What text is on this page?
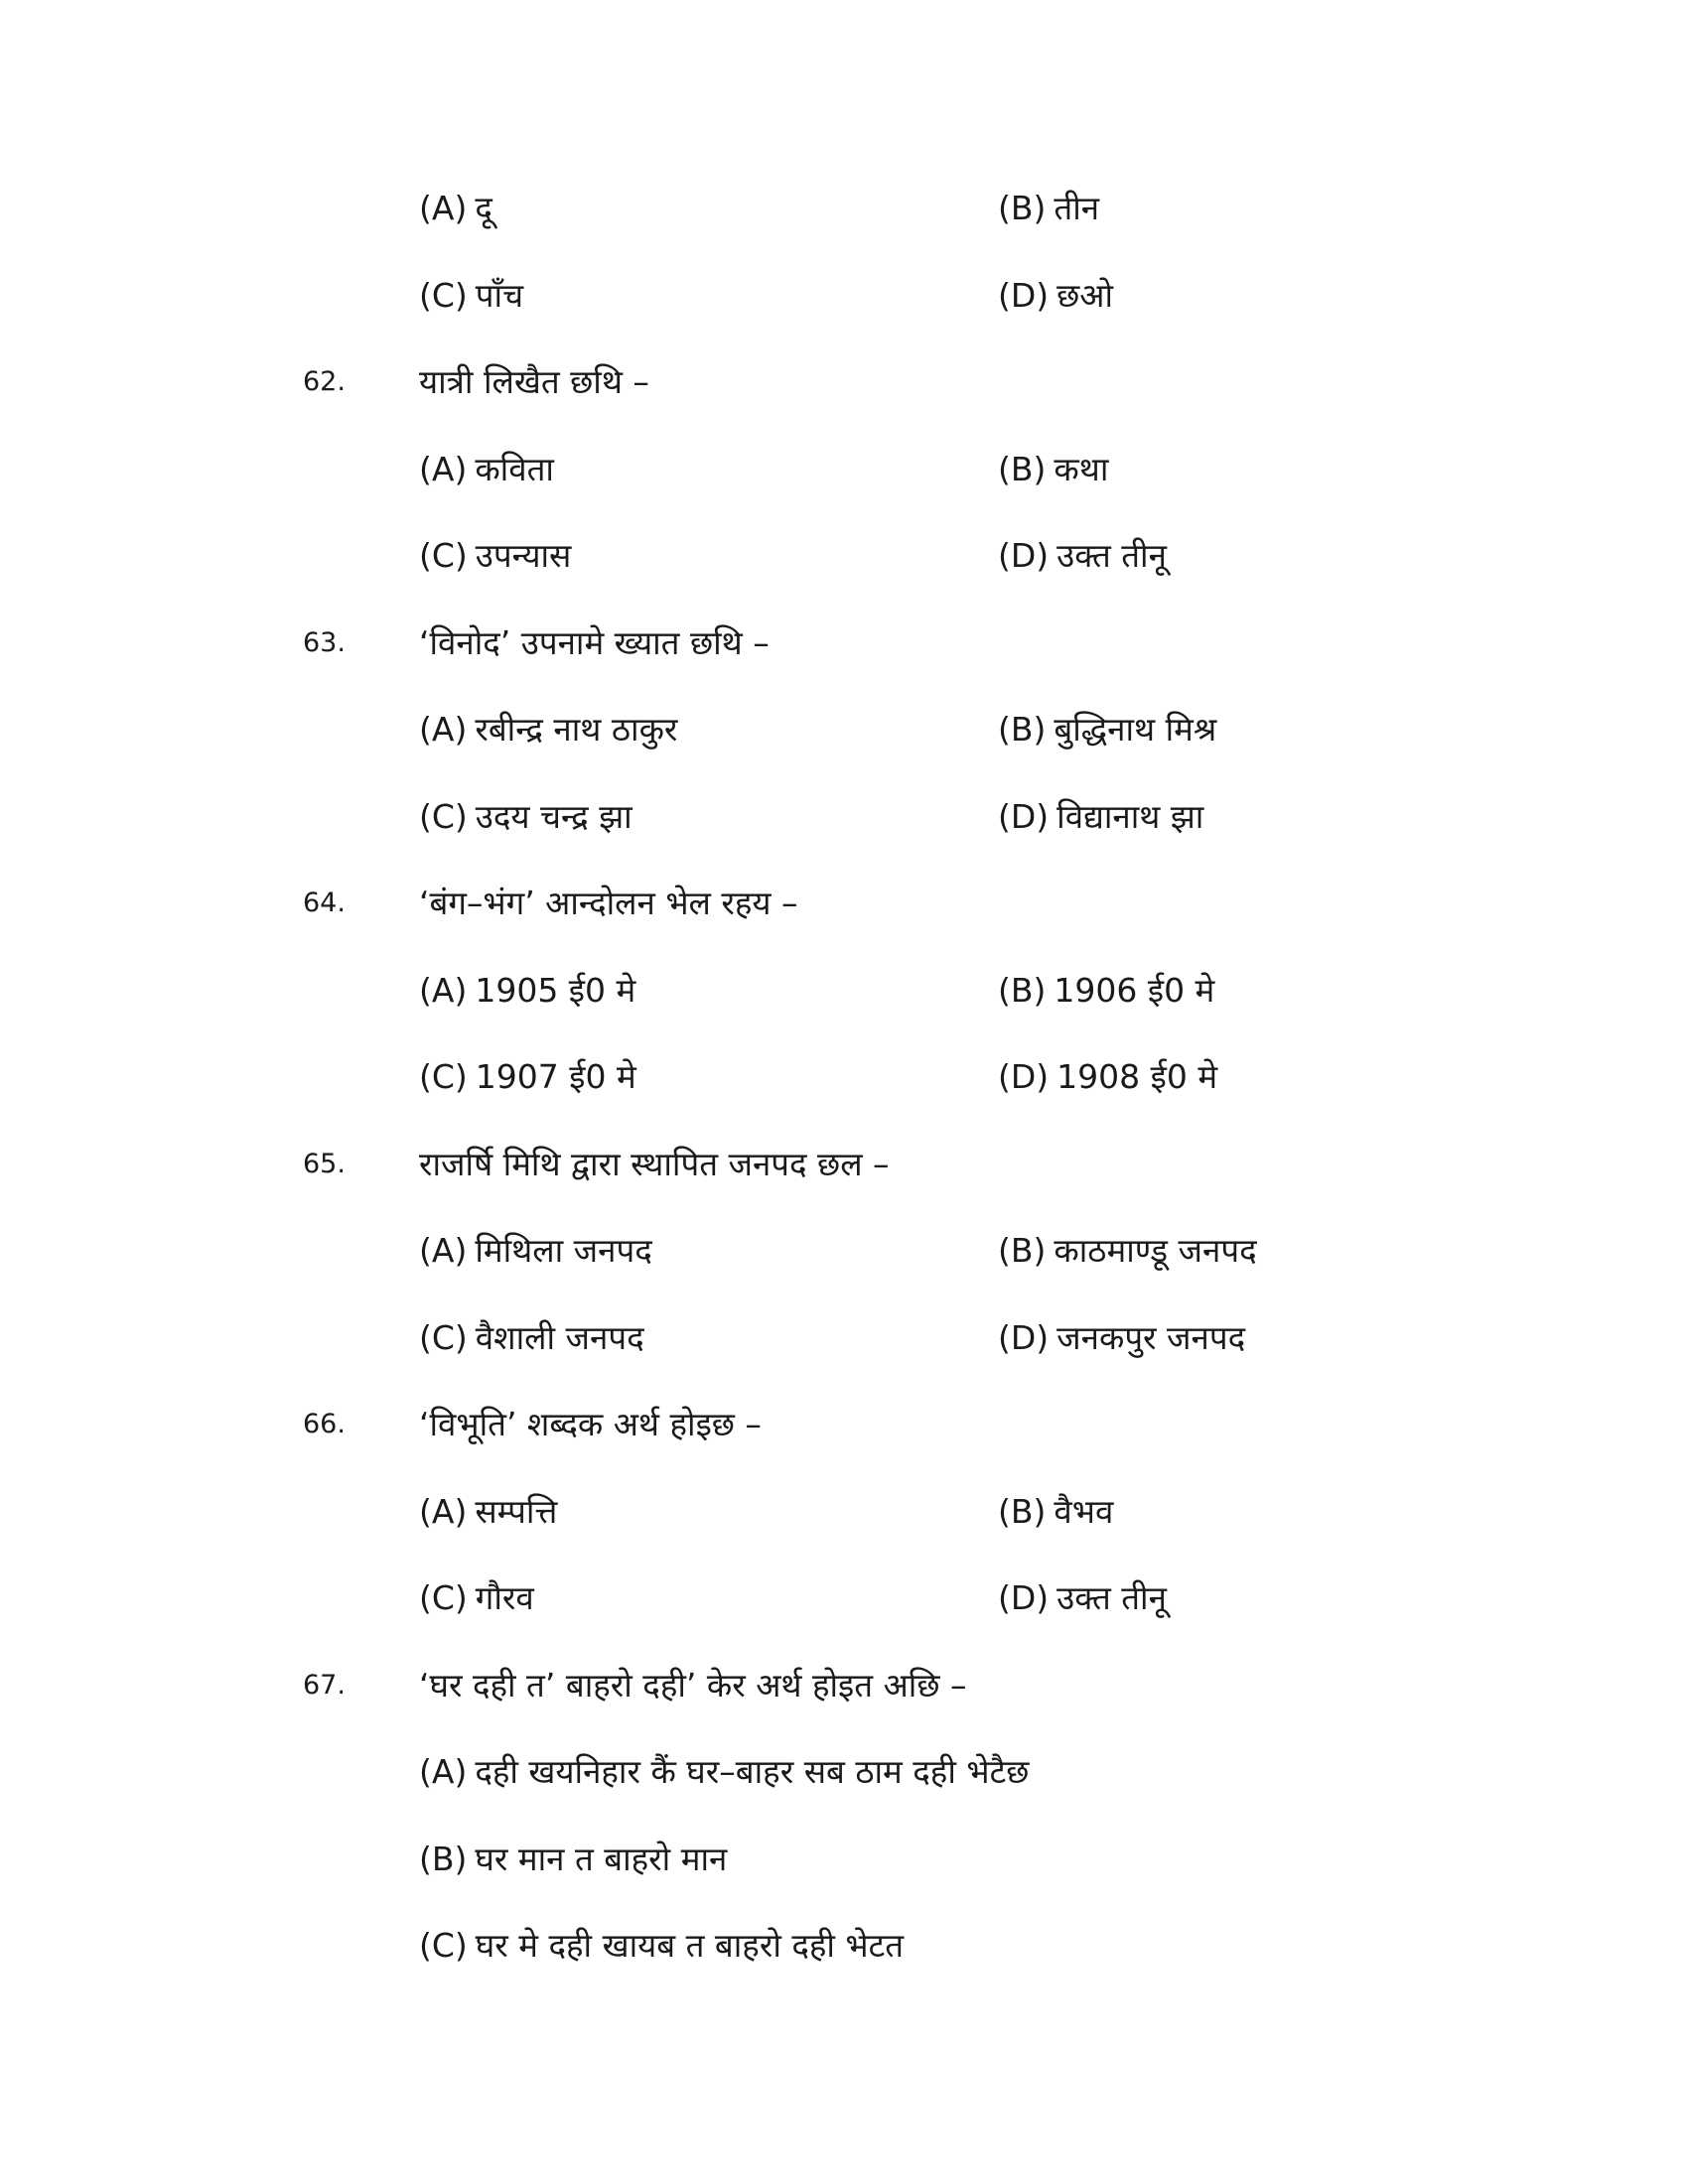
(A) दू	(B) तीन
(C) पाँच	(D) छओ
62. यात्री लिखैत छथि –
(A) कविता	(B) कथा
(C) उपन्यास	(D) उक्त तीनू
63. ‘विनोद’ उपनामे ख्यात छथि –
(A) रबीन्द्र नाथ ठाकुर	(B) बुद्धिनाथ मिश्र
(C) उदय चन्द्र झा	(D) विद्यानाथ झा
64. ‘बंग–भंग’ आन्दोलन भेल रहय –
(A) 1905 ई0 मे	(B) 1906 ई0 मे
(C) 1907 ई0 मे	(D) 1908 ई0 मे
65. राजर्षि मिथि द्वारा स्थापित जनपद छल –
(A) मिथिला जनपद	(B) काठमाण्डू जनपद
(C) वैशाली जनपद	(D) जनकपुर जनपद
66. ‘विभूति’ शब्दक अर्थ होइछ –
(A) सम्पत्ति	(B) वैभव
(C) गौरव	(D) उक्त तीनू
67. ‘घर दही त’ बाहरो दही’ केर अर्थ होइत अछि –
(A) दही खयनिहार कैं घर–बाहर सब ठाम दही भेटैछ
(B) घर मान त बाहरो मान
(C) घर मे दही खायब त बाहरो दही भेटत
